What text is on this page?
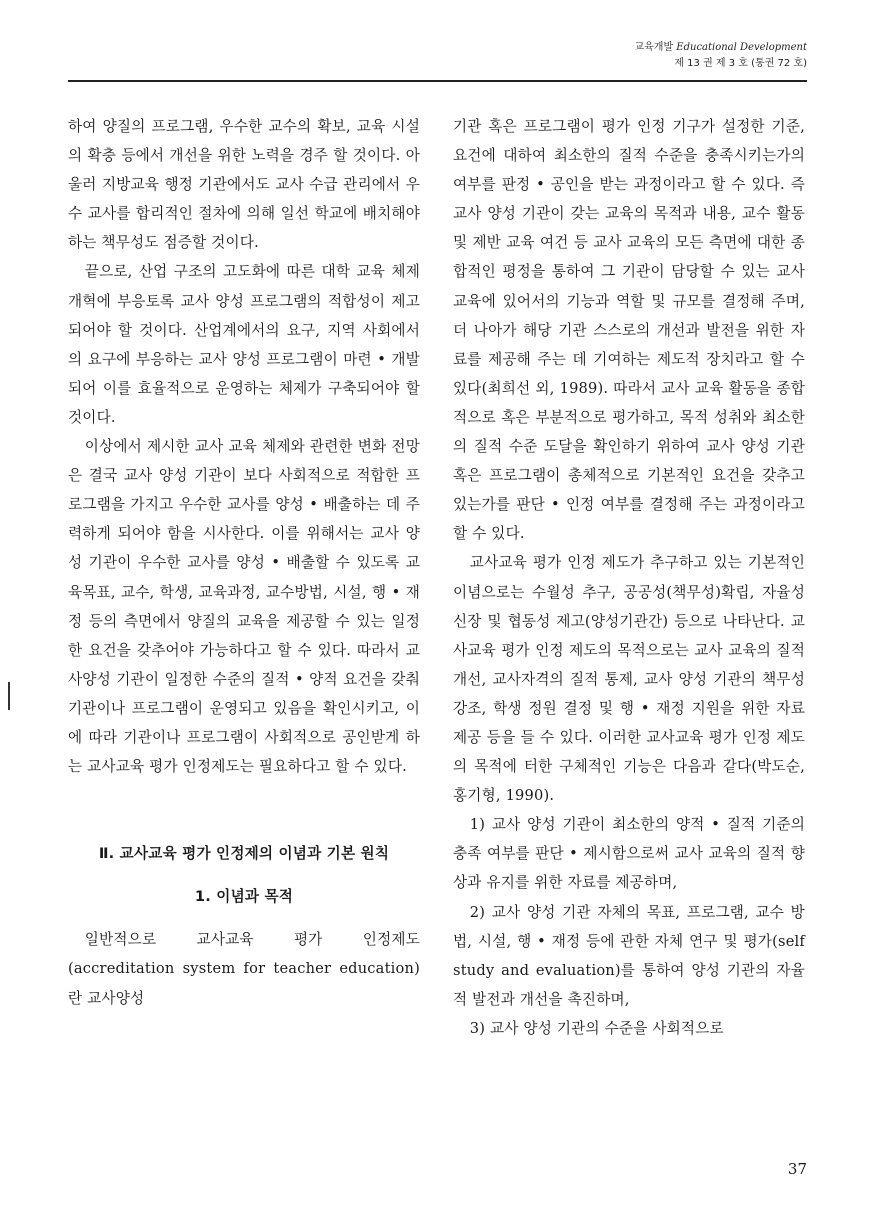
교육개발 Educational Development
제 13 권 제 3 호 (통권 72 호)

하여 양질의 프로그램, 우수한 교수의 확보, 교육 시설의 확충 등에서 개선을 위한 노력을 경주 할 것이다. 아울러 지방교육 행정 기관에서도 교사 수급 관리에서 우수 교사를 합리적인 절차에 의해 일선 학교에 배치해야 하는 책무성도 점증할 것이다.

끝으로, 산업 구조의 고도화에 따른 대학 교육 체제 개혁에 부응토록 교사 양성 프로그램의 적합성이 제고되어야 할 것이다. 산업계에서의 요구, 지역 사회에서의 요구에 부응하는 교사 양성 프로그램이 마련 • 개발되어 이를 효율적으로 운영하는 체제가 구축되어야 할 것이다.

이상에서 제시한 교사 교육 체제와 관련한 변화 전망은 결국 교사 양성 기관이 보다 사회적으로 적합한 프로그램을 가지고 우수한 교사를 양성 • 배출하는 데 주력하게 되어야 함을 시사한다. 이를 위해서는 교사 양성 기관이 우수한 교사를 양성 • 배출할 수 있도록 교육목표, 교수, 학생, 교육과정, 교수방법, 시설, 행 • 재정 등의 측면에서 양질의 교육을 제공할 수 있는 일정한 요건을 갖추어야 가능하다고 할 수 있다. 따라서 교사양성 기관이 일정한 수준의 질적 • 양적 요건을 갖춰 기관이나 프로그램이 운영되고 있음을 확인시키고, 이에 따라 기관이나 프로그램이 사회적으로 공인받게 하는 교사교육 평가 인정제도는 필요하다고 할 수 있다.

Ⅱ. 교사교육 평가 인정제의 이념과 기본 원칙

1. 이념과 목적

일반적으로 교사교육 평가 인정제도 (accreditation system for teacher education)란 교사양성

기관 혹은 프로그램이 평가 인정 기구가 설정한 기준, 요건에 대하여 최소한의 질적 수준을 충족시키는가의 여부를 판정 • 공인을 받는 과정이라고 할 수 있다. 즉 교사 양성 기관이 갖는 교육의 목적과 내용, 교수 활동 및 제반 교육 여건 등 교사 교육의 모든 측면에 대한 종합적인 평정을 통하여 그 기관이 담당할 수 있는 교사교육에 있어서의 기능과 역할 및 규모를 결정해 주며, 더 나아가 해당 기관 스스로의 개선과 발전을 위한 자료를 제공해 주는 데 기여하는 제도적 장치라고 할 수 있다(최희선 외, 1989). 따라서 교사 교육 활동을 종합적으로 혹은 부분적으로 평가하고, 목적 성취와 최소한의 질적 수준 도달을 확인하기 위하여 교사 양성 기관 혹은 프로그램이 총체적으로 기본적인 요건을 갖추고 있는가를 판단 • 인정 여부를 결정해 주는 과정이라고 할 수 있다.

교사교육 평가 인정 제도가 추구하고 있는 기본적인 이념으로는 수월성 추구, 공공성(책무성)확립, 자율성 신장 및 협동성 제고(양성기관간) 등으로 나타난다. 교사교육 평가 인정 제도의 목적으로는 교사 교육의 질적 개선, 교사자격의 질적 통제, 교사 양성 기관의 책무성 강조, 학생 정원 결정 및 행 • 재정 지원을 위한 자료 제공 등을 들 수 있다. 이러한 교사교육 평가 인정 제도의 목적에 터한 구체적인 기능은 다음과 같다(박도순, 홍기형, 1990).

1) 교사 양성 기관이 최소한의 양적 • 질적 기준의 충족 여부를 판단 • 제시함으로써 교사 교육의 질적 향상과 유지를 위한 자료를 제공하며,

2) 교사 양성 기관 자체의 목표, 프로그램, 교수 방법, 시설, 행 • 재정 등에 관한 자체 연구 및 평가(self study and evaluation)를 통하여 양성 기관의 자율적 발전과 개선을 촉진하며,

3) 교사 양성 기관의 수준을 사회적으로

37
